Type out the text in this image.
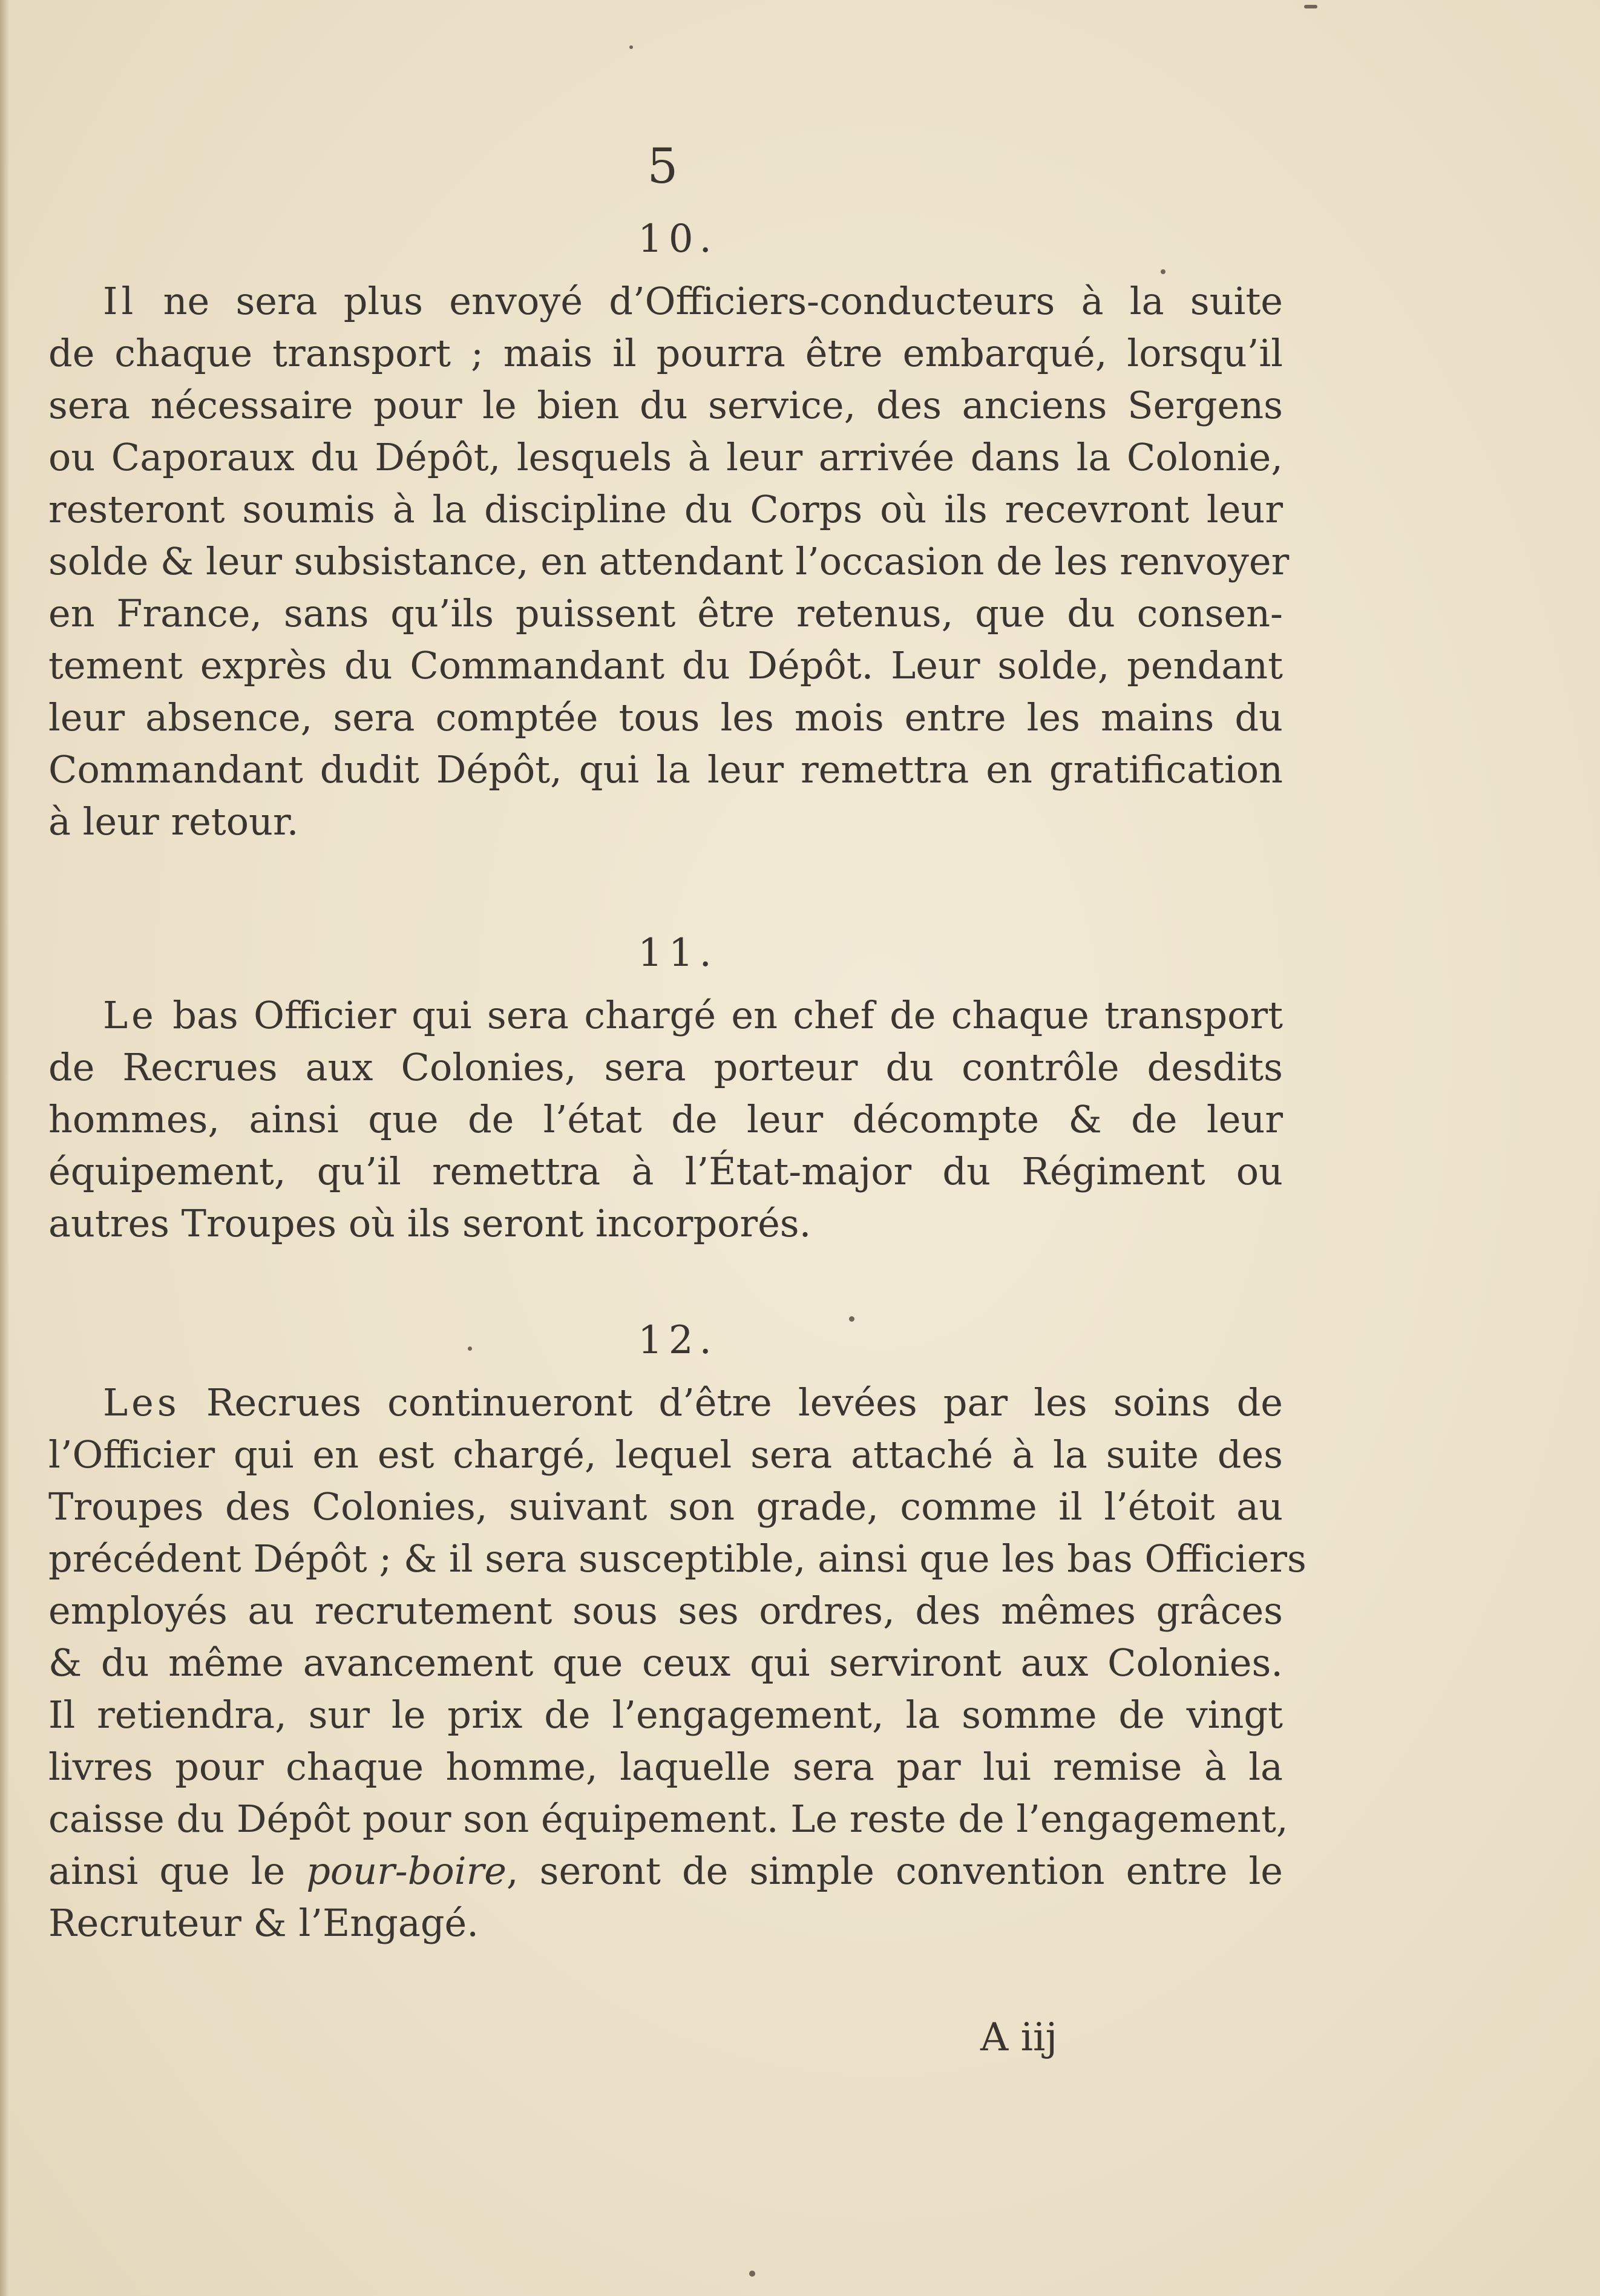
5
10.

Il ne sera plus envoyé d’Officiers-conducteurs à la suite

de chaque transport ; mais il pourra être embarqué, lorsqu’il

sera nécessaire pour le bien du service, des anciens Sergens

ou Caporaux du Dépôt, lesquels à leur arrivée dans la Colonie,

resteront soumis à la discipline du Corps où ils recevront leur

solde & leur subsistance, en attendant l’occasion de les renvoyer

en France, sans qu’ils puissent être retenus, que du consen-

tement exprès du Commandant du Dépôt. Leur solde, pendant

leur absence, sera comptée tous les mois entre les mains du

Commandant dudit Dépôt, qui la leur remettra en gratification

à leur retour.

11.

Le bas Officier qui sera chargé en chef de chaque transport

de Recrues aux Colonies, sera porteur du contrôle desdits

hommes, ainsi que de l’état de leur décompte & de leur

équipement, qu’il remettra à l’État-major du Régiment ou

autres Troupes où ils seront incorporés.

12.

Les Recrues continueront d’être levées par les soins de

l’Officier qui en est chargé, lequel sera attaché à la suite des

Troupes des Colonies, suivant son grade, comme il l’étoit au

précédent Dépôt ; & il sera susceptible, ainsi que les bas Officiers

employés au recrutement sous ses ordres, des mêmes grâces

& du même avancement que ceux qui serviront aux Colonies.

Il retiendra, sur le prix de l’engagement, la somme de vingt

livres pour chaque homme, laquelle sera par lui remise à la

caisse du Dépôt pour son équipement. Le reste de l’engagement,

ainsi que le pour-boire, seront de simple convention entre le

Recruteur & l’Engagé.

A iij
